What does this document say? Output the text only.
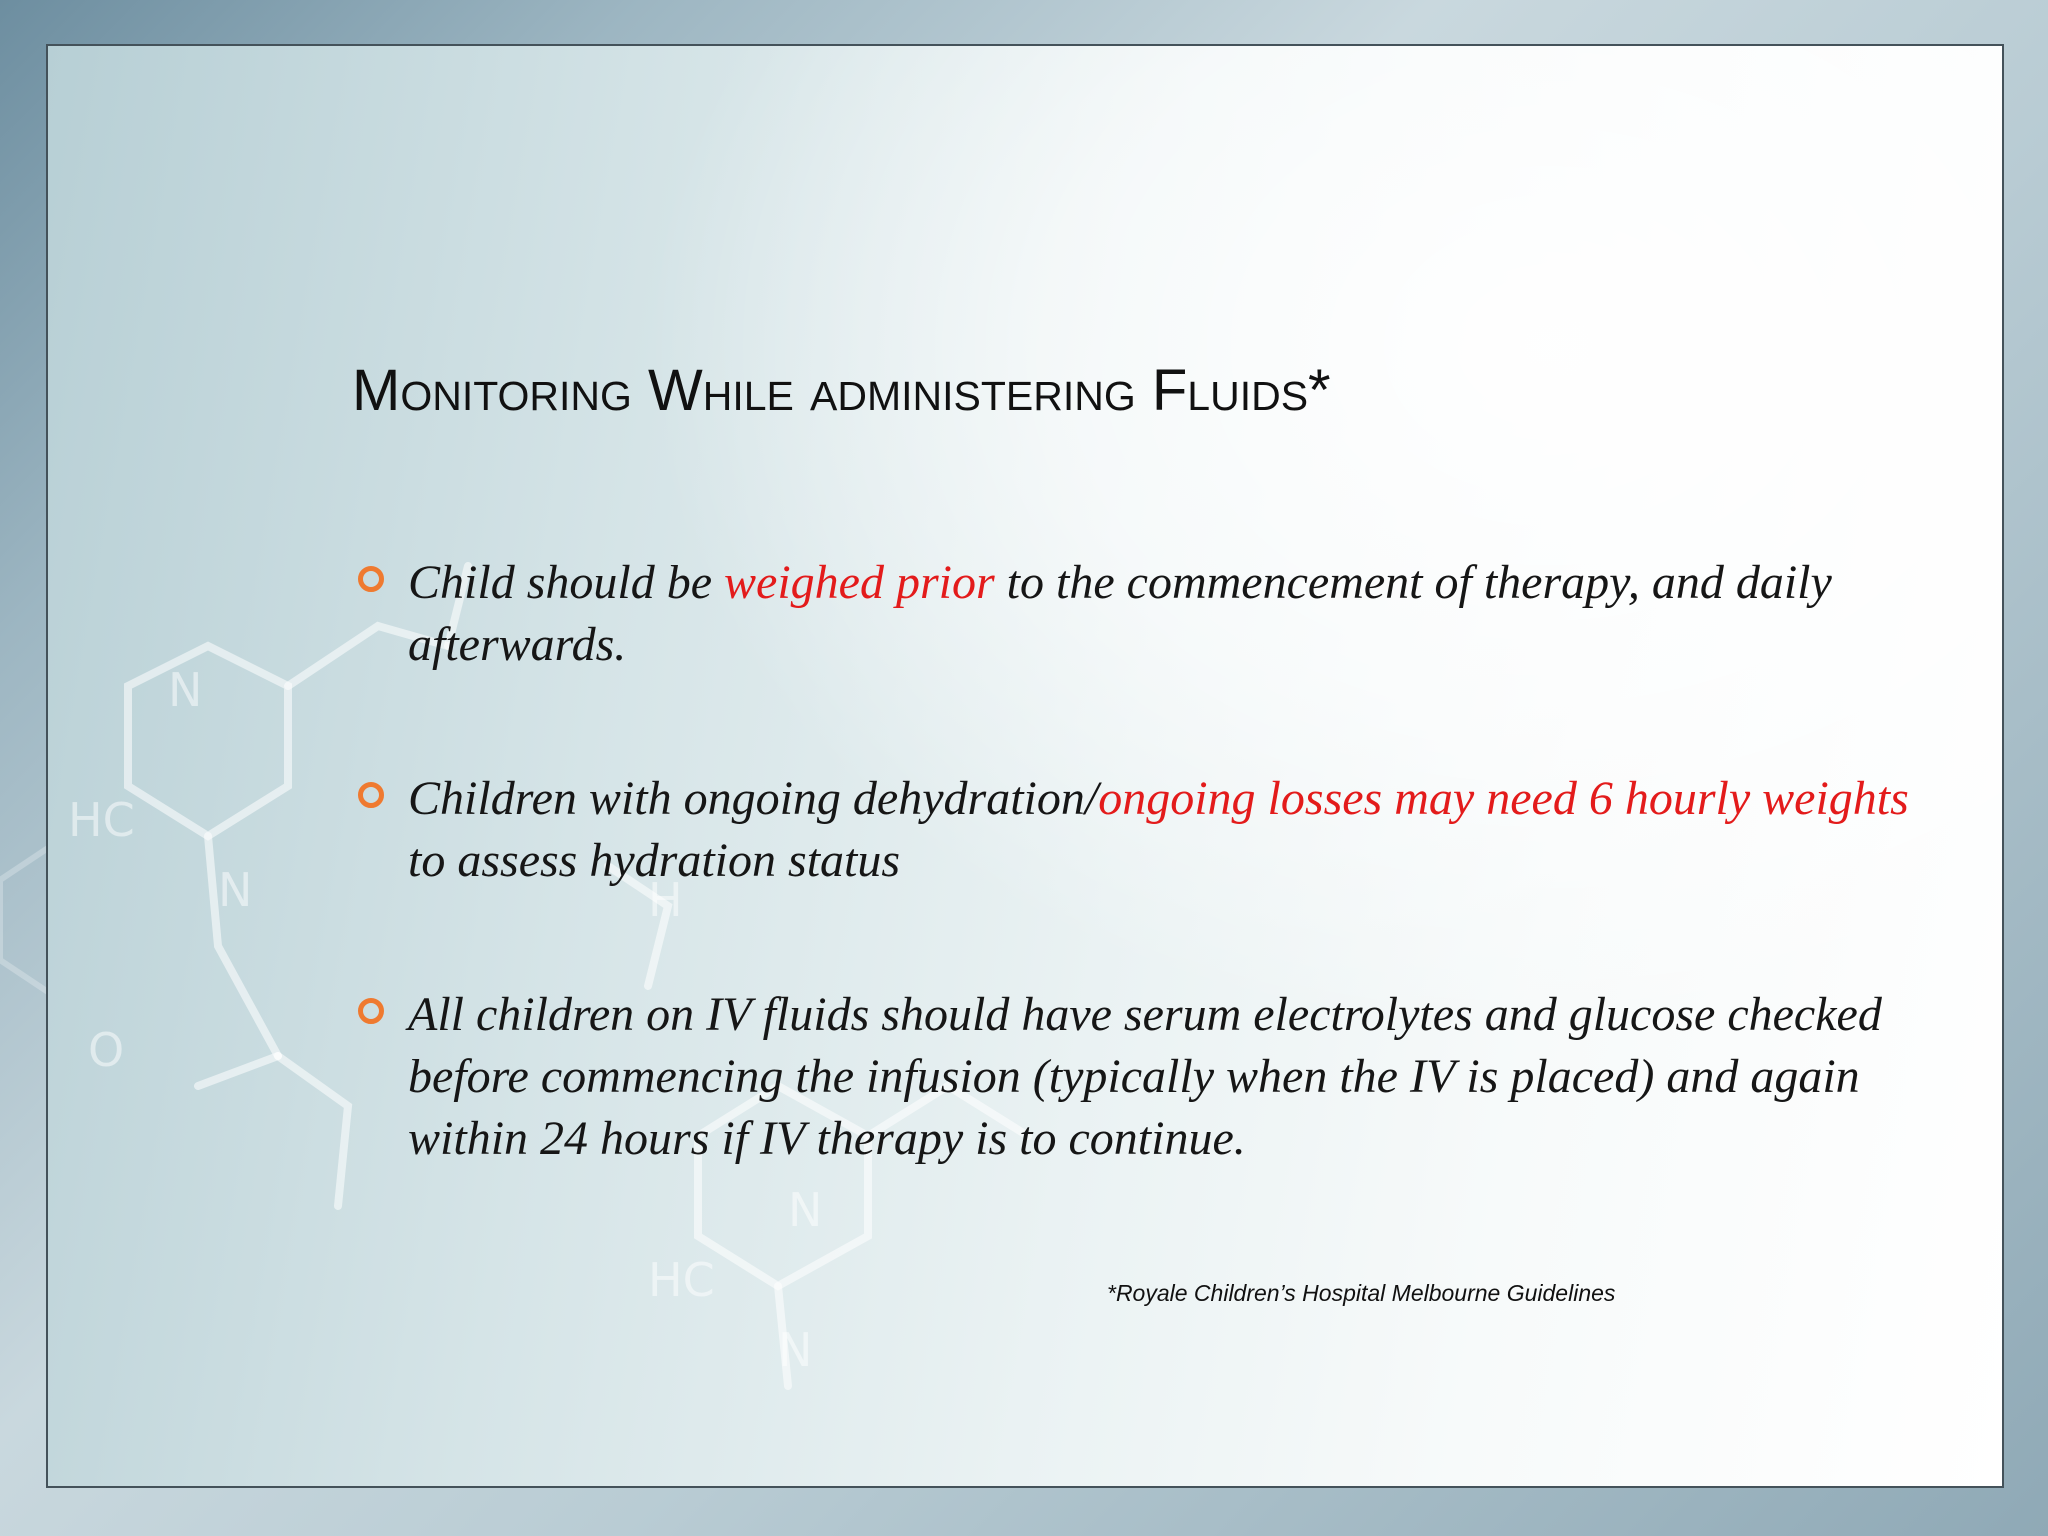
N
HC
N	H
O
N
HC
N
Monitoring While administering Fluids*
Child should be weighed prior to the commencement of therapy, and daily afterwards.
Children with ongoing dehydration/ongoing losses may need 6 hourly weights to assess hydration status
All children on IV fluids should have serum electrolytes and glucose checked before commencing the infusion (typically when the IV is placed) and again within 24 hours if IV therapy is to continue.

*Royale Children’s Hospital Melbourne Guidelines
